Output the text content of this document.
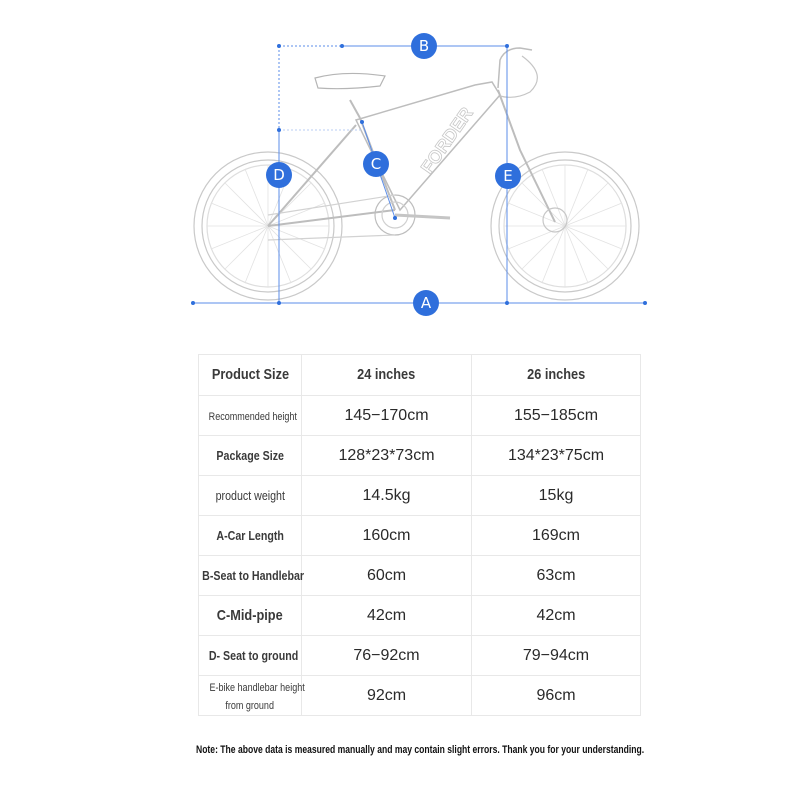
FORDER
A
B
C
D	E
Product Size	24 inches	26 inches
Recommended height	145−170cm	155−185cm
Package Size	128*23*73cm	134*23*75cm
product weight	14.5kg	15kg
A-Car Length	160cm	169cm
B-Seat to Handlebar	60cm	63cm
C-Mid-pipe	42cm	42cm
D- Seat to ground	76−92cm	79−94cm
E-bike handlebar height
from ground	92cm	96cm
Note: The above data is measured manually and may contain slight errors. Thank you for your understanding.
